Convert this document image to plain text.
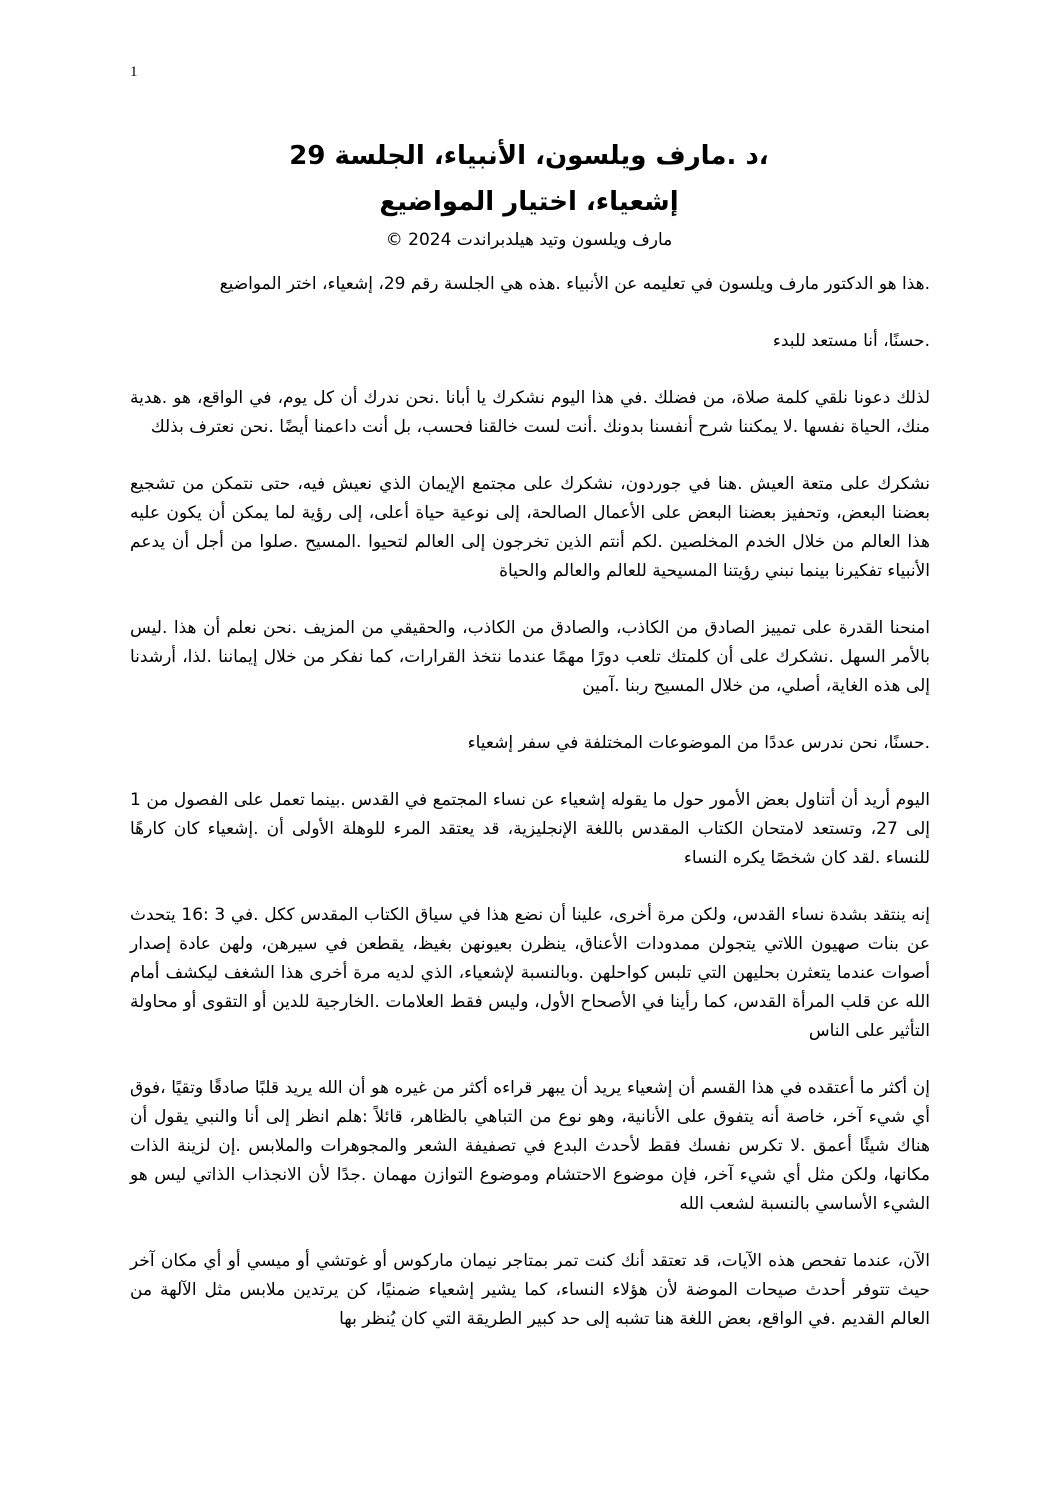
1
،د .مارف ويلسون، الأنبياء، الجلسة 29
إشعياء، اختيار المواضيع
مارف ويلسون وتيد هيلدبراندت 2024 ©

.هذا هو الدكتور مارف ويلسون في تعليمه عن الأنبياء .هذه هي الجلسة رقم 29، إشعياء، اختر المواضيع

.حسنًا، أنا مستعد للبدء

لذلك دعونا نلقي كلمة صلاة، من فضلك .في هذا اليوم نشكرك يا أبانا .نحن ندرك أن كل يوم، في الواقع، هو .هدية منك، الحياة نفسها .لا يمكننا شرح أنفسنا بدونك .أنت لست خالقنا فحسب، بل أنت داعمنا أيضًا .نحن نعترف بذلك

نشكرك على متعة العيش .هنا في جوردون، نشكرك على مجتمع الإيمان الذي نعيش فيه، حتى نتمكن من تشجيع بعضنا البعض، وتحفيز بعضنا البعض على الأعمال الصالحة، إلى نوعية حياة أعلى، إلى رؤية لما يمكن أن يكون عليه هذا العالم من خلال الخدم المخلصين .لكم أنتم الذين تخرجون إلى العالم لتحيوا .المسيح .صلوا من أجل أن يدعم الأنبياء تفكيرنا بينما نبني رؤيتنا المسيحية للعالم والعالم والحياة

امنحنا القدرة على تمييز الصادق من الكاذب، والصادق من الكاذب، والحقيقي من المزيف .نحن نعلم أن هذا .ليس بالأمر السهل .نشكرك على أن كلمتك تلعب دورًا مهمًا عندما نتخذ القرارات، كما نفكر من خلال إيماننا .لذا، أرشدنا إلى هذه الغاية، أصلي، من خلال المسيح ربنا .آمين

.حسنًا، نحن ندرس عددًا من الموضوعات المختلفة في سفر إشعياء

اليوم أريد أن أتناول بعض الأمور حول ما يقوله إشعياء عن نساء المجتمع في القدس .بينما تعمل على الفصول من 1 إلى 27، وتستعد لامتحان الكتاب المقدس باللغة الإنجليزية، قد يعتقد المرء للوهلة الأولى أن .إشعياء كان كارهًا للنساء .لقد كان شخصًا يكره النساء

إنه ينتقد بشدة نساء القدس، ولكن مرة أخرى، علينا أن نضع هذا في سياق الكتاب المقدس ككل .في 3 :16 يتحدث عن بنات صهيون اللاتي يتجولن ممدودات الأعناق، ينظرن بعيونهن بغيظ، يقطعن في سيرهن، ولهن عادة إصدار أصوات عندما يتعثرن بحليهن التي تلبس كواحلهن .وبالنسبة لإشعياء، الذي لديه مرة أخرى هذا الشغف ليكشف أمام الله عن قلب المرأة القدس، كما رأينا في الأصحاح الأول، وليس فقط العلامات .الخارجية للدين أو التقوى أو محاولة التأثير على الناس

إن أكثر ما أعتقده في هذا القسم أن إشعياء يريد أن يبهر قراءه أكثر من غيره هو أن الله يريد قلبًا صادقًا وتقيًا ،فوق أي شيء آخر، خاصة أنه يتفوق على الأنانية، وهو نوع من التباهي بالظاهر، قائلاً :هلم انظر إلى أنا والنبي يقول أن هناك شيئًا أعمق .لا تكرس نفسك فقط لأحدث البدع في تصفيفة الشعر والمجوهرات والملابس .إن لزينة الذات مكانها، ولكن مثل أي شيء آخر، فإن موضوع الاحتشام وموضوع التوازن مهمان .جدًا لأن الانجذاب الذاتي ليس هو الشيء الأساسي بالنسبة لشعب الله

الآن، عندما تفحص هذه الآيات، قد تعتقد أنك كنت تمر بمتاجر نيمان ماركوس أو غوتشي أو ميسي أو أي مكان آخر حيث تتوفر أحدث صيحات الموضة لأن هؤلاء النساء، كما يشير إشعياء ضمنيًا، كن يرتدين ملابس مثل الآلهة من العالم القديم .في الواقع، بعض اللغة هنا تشبه إلى حد كبير الطريقة التي كان يُنظر بها
